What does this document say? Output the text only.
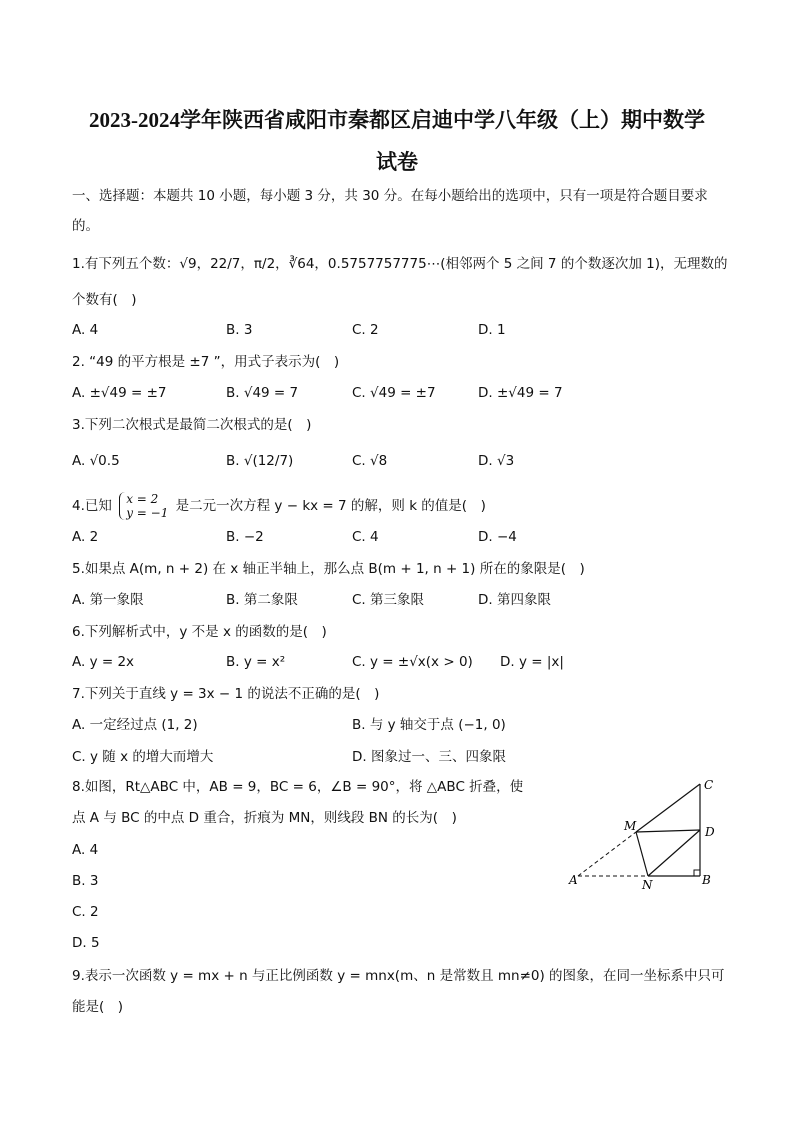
2023-2024学年陕西省咸阳市秦都区启迪中学八年级（上）期中数学
试卷
一、选择题：本题共 10 小题，每小题 3 分，共 30 分。在每小题给出的选项中，只有一项是符合题目要求
的。
1.有下列五个数：√9，22/7，π/2，∛64，0.5757757775⋯(相邻两个 5 之间 7 的个数逐次加 1)，无理数的
个数有(　)
A. 4	B. 3	C. 2	D. 1
2. “49 的平方根是 ±7 ”，用式子表示为(　)
A. ±√49 = ±7	B. √49 = 7	C. √49 = ±7	D. ±√49 = 7
3.下列二次根式是最简二次根式的是(　)
A. √0.5	B. √(12/7)	C. √8	D. √3
4.已知 x = 2
y = −1 是二元一次方程 y − kx = 7 的解，则 k 的值是(　)
A. 2	B. −2	C. 4	D. −4
5.如果点 A(m, n + 2) 在 x 轴正半轴上，那么点 B(m + 1, n + 1) 所在的象限是(　)
A. 第一象限	B. 第二象限	C. 第三象限	D. 第四象限
6.下列解析式中，y 不是 x 的函数的是(　)
A. y = 2x	B. y = x²	C. y = ±√x(x > 0) D. y = |x|
7.下列关于直线 y = 3x − 1 的说法不正确的是(　)
A. 一定经过点 (1, 2)	B. 与 y 轴交于点 (−1, 0)
C. y 随 x 的增大而增大	D. 图象过一、三、四象限
8.如图，Rt△ABC 中，AB = 9，BC = 6，∠B = 90°，将 △ABC 折叠，使
点 A 与 BC 的中点 D 重合，折痕为 MN，则线段 BN 的长为(　)
A. 4
B. 3
C. 2
D. 5
C
D
M
A	N	B
9.表示一次函数 y = mx + n 与正比例函数 y = mnx(m、n 是常数且 mn≠0) 的图象，在同一坐标系中只可
能是(　)
